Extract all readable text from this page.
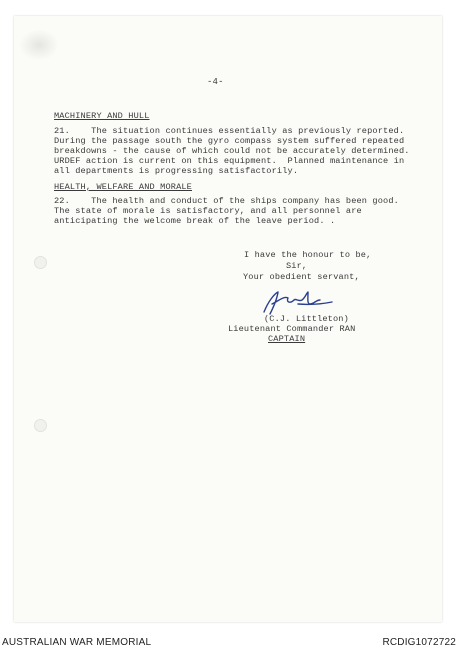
-4-
MACHINERY AND HULL
21.    The situation continues essentially as previously reported.
During the passage south the gyro compass system suffered repeated
breakdowns - the cause of which could not be accurately determined.
URDEF action is current on this equipment.  Planned maintenance in
all departments is progressing satisfactorily.
HEALTH, WELFARE AND MORALE
22.    The health and conduct of the ships company has been good.
The state of morale is satisfactory, and all personnel are
anticipating the welcome break of the leave period. .
I have the honour to be,
Sir,
Your obedient servant,
(C.J. Littleton)
Lieutenant Commander RAN
CAPTAIN
AUSTRALIAN WAR MEMORIAL	RCDIG1072722
